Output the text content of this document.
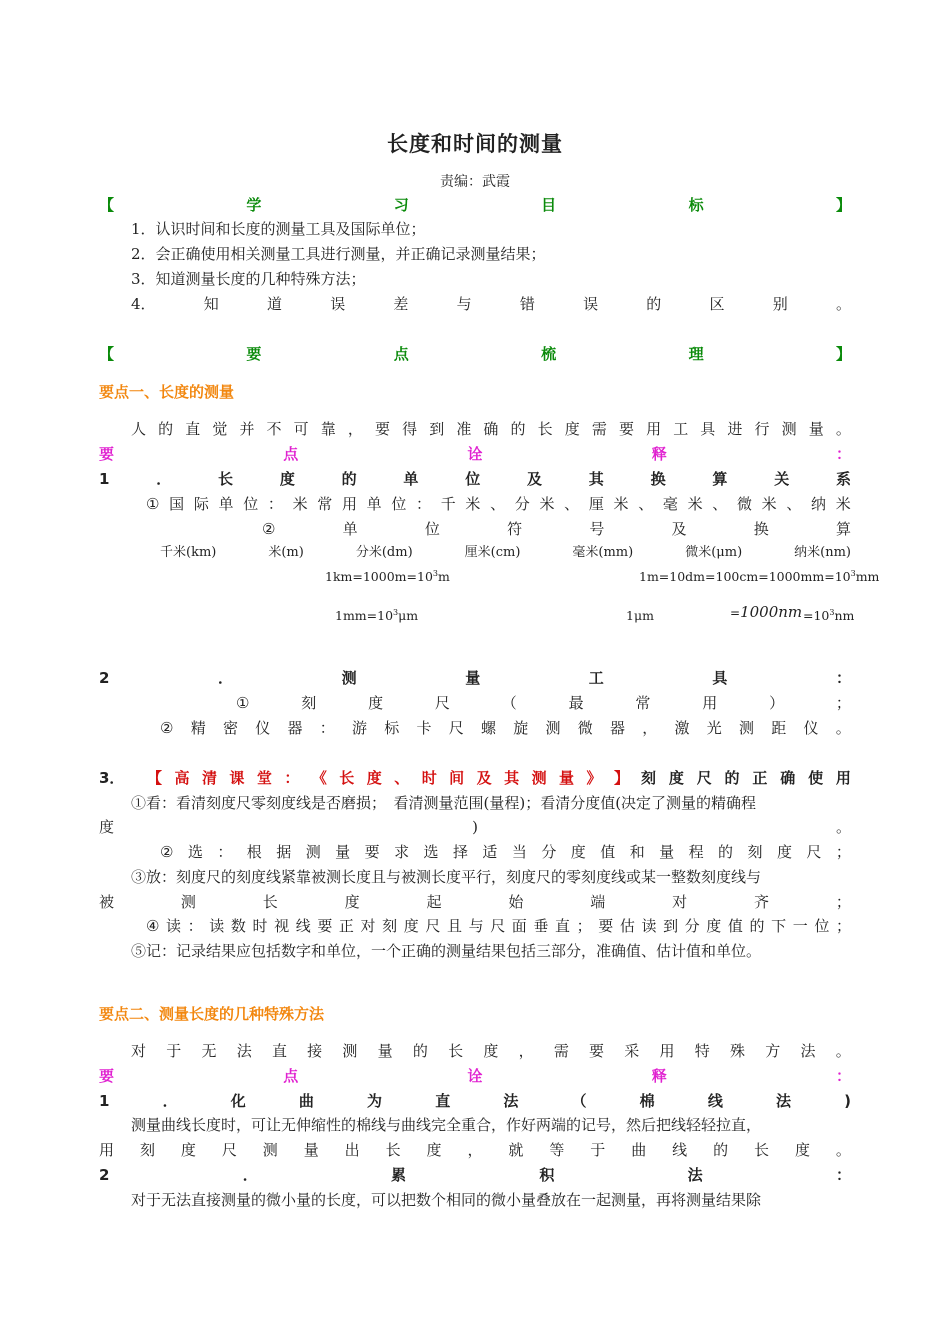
长度和时间的测量
责编：武霞
【	学	习	目	标	】
1．认识时间和长度的测量工具及国际单位；
2．会正确使用相关测量工具进行测量，并正确记录测量结果；
3．知道测量长度的几种特殊方法；
4．	知	道	误	差	与	错	误	的	区	别	。
【	要	点	梳	理	】
要点一、长度的测量
人 的 直 觉 并 不 可 靠 ， 要 得 到 准 确 的 长 度 需 要 用 工 具 进 行 测 量 。
要	点	诠	释	：
1	．	长	度	的	单	位	及	其	换	算	关	系
① 国 际 单 位 ： 米 常 用 单 位 ： 千 米 、 分 米 、 厘 米 、 毫 米 、 微 米 、 纳 米
②	单	位	符	号	及	换	算
千米(km)	米(m)	分米(dm)	厘米(cm)	毫米(mm)	微米(μm)	纳米(nm)
$1km=1000m=10^3m$	$1m=10dm=100cm=1000mm=10^3mm$
$1mm=10^3\mu m$	1μm	$=1000nm =10^3nm$
2	．	测	量	工	具	：
①	刻	度	尺	（	最	常	用	）	；
② 精 密 仪 器 ： 游 标 卡 尺 螺 旋 测 微 器 ， 激 光 测 距 仪 。
3．	【 高 清 课 堂 ： 《 长 度 、 时 间 及 其 测 量 》 】 刻 度 尺 的 正 确 使 用
①看：看清刻度尺零刻度线是否磨损；　看清测量范围(量程)；看清分度值(决定了测量的精确程
度	)	。
② 选 ： 根 据 测 量 要 求 选 择 适 当 分 度 值 和 量 程 的 刻 度 尺 ；
③放：刻度尺的刻度线紧靠被测长度且与被测长度平行，刻度尺的零刻度线或某一整数刻度线与
被	测	长	度	起	始	端	对	齐	；
④ 读 ： 读 数 时 视 线 要 正 对 刻 度 尺 且 与 尺 面 垂 直 ； 要 估 读 到 分 度 值 的 下 一 位 ；
⑤记：记录结果应包括数字和单位，一个正确的测量结果包括三部分，准确值、估计值和单位。
要点二、测量长度的几种特殊方法
对 于 无 法 直 接 测 量 的 长 度 ， 需 要 采 用 特 殊 方 法 。
要	点	诠	释	：
1	．	化	曲	为	直	法	（	棉	线	法	)
测量曲线长度时，可让无伸缩性的棉线与曲线完全重合，作好两端的记号，然后把线轻轻拉直，
用 刻 度 尺 测 量 出 长 度 ， 就 等 于 曲 线 的 长 度 。
2	．	累	积	法	：
对于无法直接测量的微小量的长度，可以把数个相同的微小量叠放在一起测量，再将测量结果除
